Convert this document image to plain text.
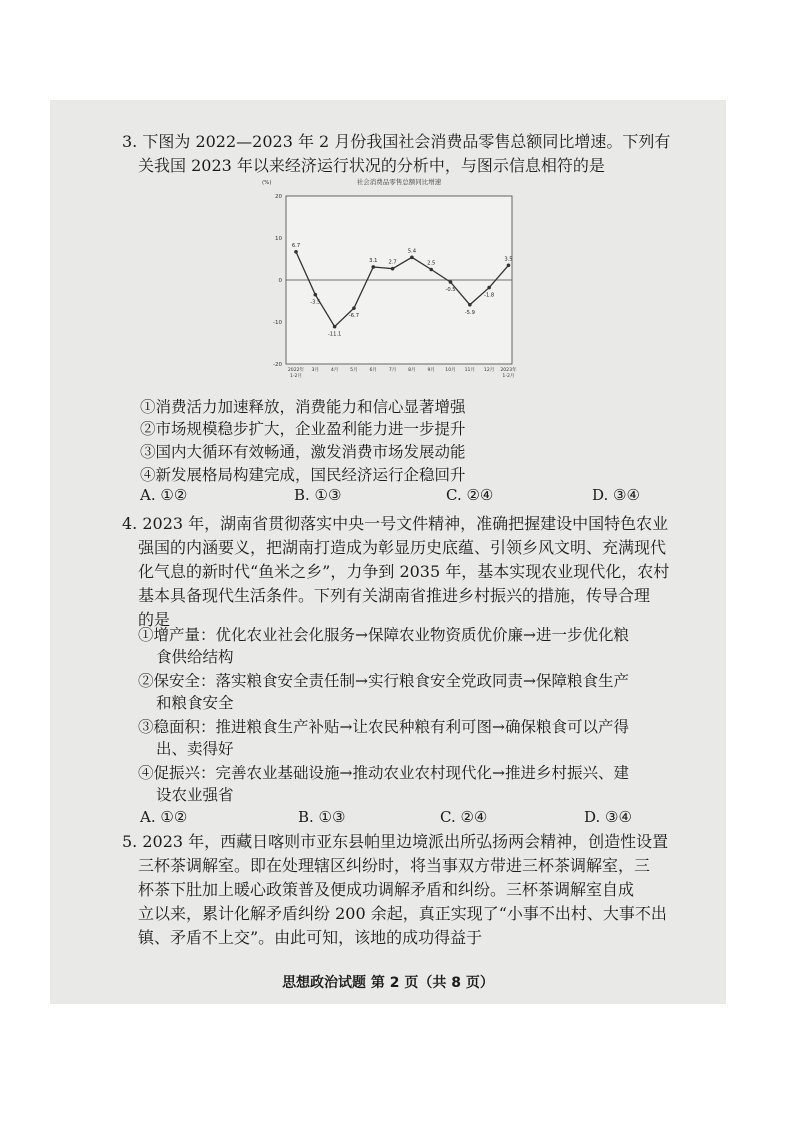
3. 下图为 2022—2023 年 2 月份我国社会消费品零售总额同比增速。下列有
关我国 2023 年以来经济运行状况的分析中，与图示信息相符的是
社会消费品零售总额同比增速
(%)
20
10
0
-10
-20
2022年
1-2月
3月	4月	5月	6月	7月	8月	9月 10月 11月 12月 2023年
1-2月
6.7
-3.5
-11.1
-6.7
3.1 2.7
5.4
2.5
-0.5
-5.9
-1.8
3.5
①消费活力加速释放，消费能力和信心显著增强
②市场规模稳步扩大，企业盈利能力进一步提升
③国内大循环有效畅通，激发消费市场发展动能
④新发展格局构建完成，国民经济运行企稳回升
A. ①②	B. ①③	C. ②④	D. ③④
4. 2023 年，湖南省贯彻落实中央一号文件精神，准确把握建设中国特色农业
强国的内涵要义，把湖南打造成为彰显历史底蕴、引领乡风文明、充满现代
化气息的新时代“鱼米之乡”，力争到 2035 年，基本实现农业现代化，农村
基本具备现代生活条件。下列有关湖南省推进乡村振兴的措施，传导合理
的是
①增产量：优化农业社会化服务→保障农业物资质优价廉→进一步优化粮
食供给结构
②保安全：落实粮食安全责任制→实行粮食安全党政同责→保障粮食生产
和粮食安全
③稳面积：推进粮食生产补贴→让农民种粮有利可图→确保粮食可以产得
出、卖得好
④促振兴：完善农业基础设施→推动农业农村现代化→推进乡村振兴、建
设农业强省
A. ①②	B. ①③	C. ②④	D. ③④
5. 2023 年，西藏日喀则市亚东县帕里边境派出所弘扬两会精神，创造性设置
三杯茶调解室。即在处理辖区纠纷时，将当事双方带进三杯茶调解室，三
杯茶下肚加上暖心政策普及便成功调解矛盾和纠纷。三杯茶调解室自成
立以来，累计化解矛盾纠纷 200 余起，真正实现了“小事不出村、大事不出
镇、矛盾不上交”。由此可知，该地的成功得益于
思想政治试题 第 2 页（共 8 页）
